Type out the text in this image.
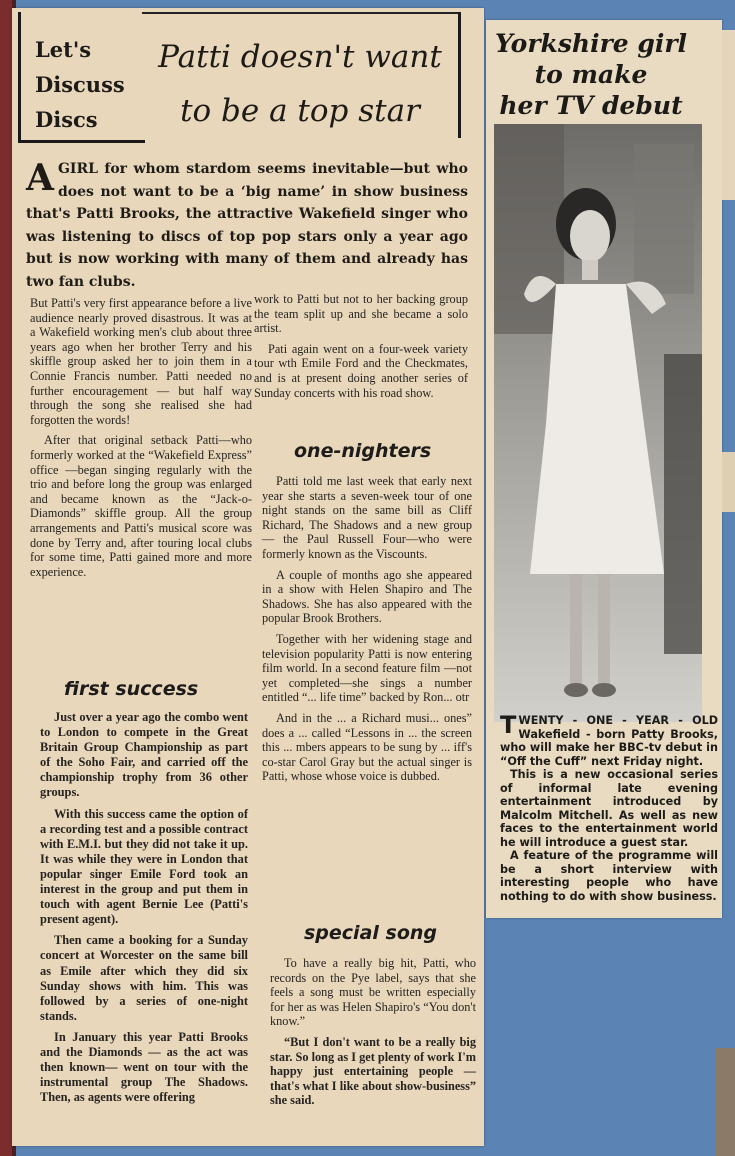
Let's
Discuss
Discs
Patti doesn't want
to be a top star
A GIRL for whom stardom seems inevitable—but who does not want to be a ‘big name’ in show business that's Patti Brooks, the attractive Wakefield singer who was listening to discs of top pop stars only a year ago but is now working with many of them and already has two fan clubs.

But Patti's very first appearance before a live audience nearly proved disastrous. It was at a Wakefield working men's club about three years ago when her brother Terry and his skiffle group asked her to join them in a Connie Francis number. Patti needed no further encouragement — but half way through the song she realised she had forgotten the words!

After that original setback Patti—who formerly worked at the “Wakefield Express” office —began singing regularly with the trio and before long the group was enlarged and became known as the “Jack-o-Diamonds” skiffle group. All the group arrangements and Patti's musical score was done by Terry and, after touring local clubs for some time, Patti gained more and more experience.

first success

Just over a year ago the combo went to London to compete in the Great Britain Group Championship as part of the Soho Fair, and carried off the championship trophy from 36 other groups.

With this success came the option of a recording test and a possible contract with E.M.I. but they did not take it up. It was while they were in London that popular singer Emile Ford took an interest in the group and put them in touch with agent Bernie Lee (Patti's present agent).

Then came a booking for a Sunday concert at Worcester on the same bill as Emile after which they did six Sunday shows with him. This was followed by a series of one-night stands.

In January this year Patti Brooks and the Diamonds — as the act was then known— went on tour with the instrumental group The Shadows. Then, as agents were offering

work to Patti but not to her backing group the team split up and she became a solo artist.

Pati again went on a four-week variety tour wth Emile Ford and the Checkmates, and is at present doing another series of Sunday concerts with his road show.

one-nighters

Patti told me last week that early next year she starts a seven-week tour of one night stands on the same bill as Cliff Richard, The Shadows and a new group — the Paul Russell Four—who were formerly known as the Viscounts.

A couple of months ago she appeared in a show with Helen Shapiro and The Shadows. She has also appeared with the popular Brook Brothers.

Together with her widening stage and television popularity Patti is now entering film world. In a second feature film —not yet completed—she sings a number entitled “... life time” backed by Ron... otr

And in the ... a Richard musi... ones” does a ... called “Lessons in ... the screen this ... mbers appears to be sung by ... iff's co-star Carol Gray but the actual singer is Patti, whose whose voice is dubbed.

special song

To have a really big hit, Patti, who records on the Pye label, says that she feels a song must be written especially for her as was Helen Shapiro's “You don't know.”

“But I don't want to be a really big star. So long as I get plenty of work I'm happy just entertaining people — that's what I like about show-business” she said.

Yorkshire girl
to make
her TV debut

TWENTY - ONE - YEAR - OLD Wakefield - born Patty Brooks, who will make her BBC-tv debut in “Off the Cuff” next Friday night.

This is a new occasional series of informal late evening entertainment introduced by Malcolm Mitchell. As well as new faces to the entertainment world he will introduce a guest star.

A feature of the programme will be a short interview with interesting people who have nothing to do with show business.
